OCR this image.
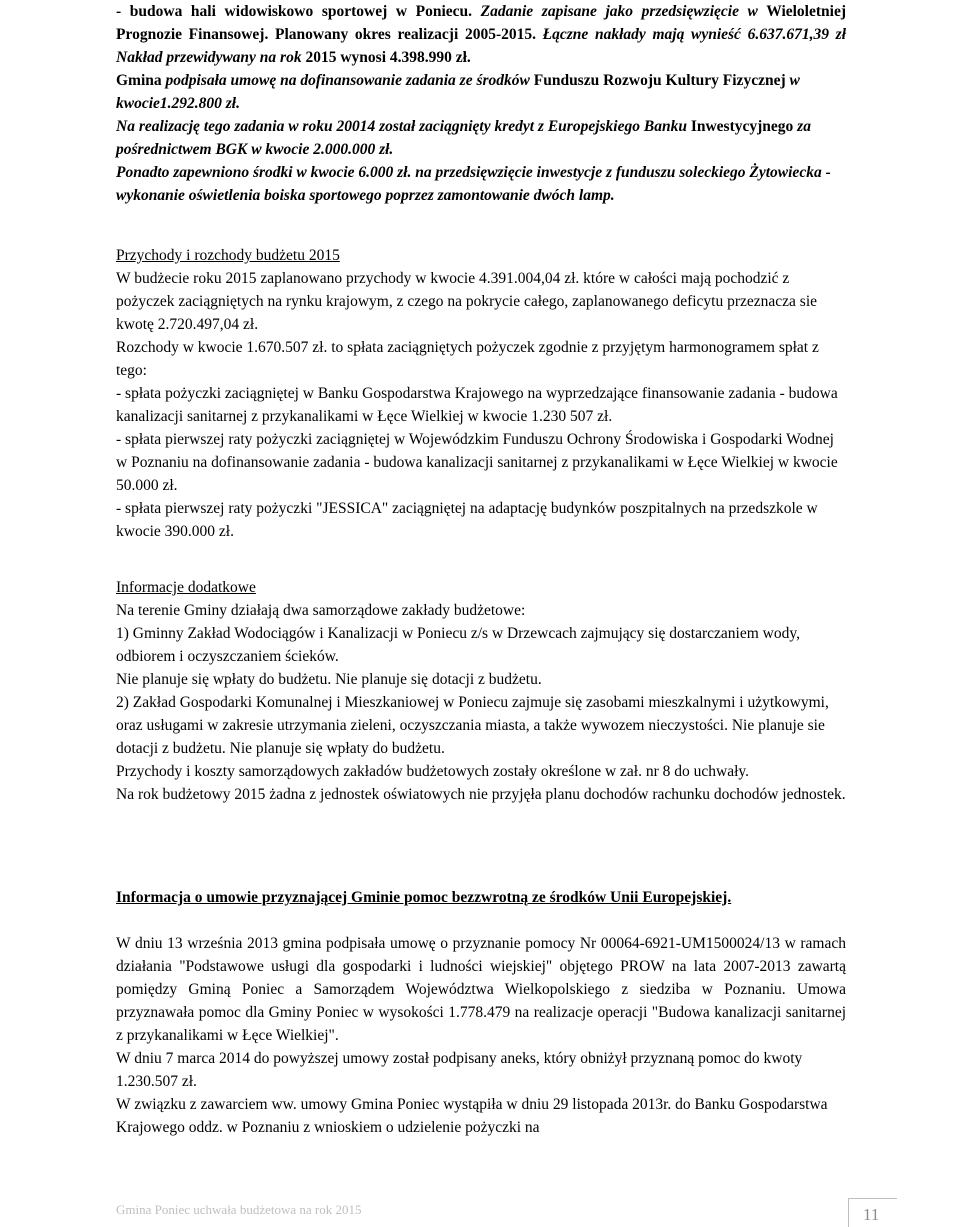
- budowa hali widowiskowo sportowej w Poniecu. Zadanie zapisane jako przedsięwzięcie w Wieloletniej Prognozie Finansowej. Planowany okres realizacji 2005-2015. Łączne nakłady mają wynieść 6.637.671,39 zł Nakład przewidywany na rok 2015 wynosi 4.398.990 zł.

Gmina podpisała umowę na dofinansowanie zadania ze środków Funduszu Rozwoju Kultury Fizycznej w kwocie1.292.800 zł.

Na realizację tego zadania w roku 20014 został zaciągnięty kredyt z Europejskiego Banku Inwestycyjnego za pośrednictwem BGK w kwocie 2.000.000 zł.

Ponadto zapewniono środki w kwocie 6.000 zł. na przedsięwzięcie inwestycje z funduszu soleckiego Żytowiecka - wykonanie oświetlenia boiska sportowego poprzez zamontowanie dwóch lamp.

Przychody i rozchody budżetu 2015

W budżecie roku 2015 zaplanowano przychody w kwocie 4.391.004,04 zł. które w całości mają pochodzić z pożyczek zaciągniętych na rynku krajowym, z czego na pokrycie całego, zaplanowanego deficytu przeznacza sie kwotę 2.720.497,04 zł.

Rozchody w kwocie 1.670.507 zł. to spłata zaciągniętych pożyczek zgodnie z przyjętym harmonogramem spłat z tego:

- spłata pożyczki zaciągniętej w Banku Gospodarstwa Krajowego na wyprzedzające finansowanie zadania - budowa kanalizacji sanitarnej z przykanalikami w Łęce Wielkiej w kwocie 1.230 507 zł.

- spłata pierwszej raty pożyczki zaciągniętej w Wojewódzkim Funduszu Ochrony Środowiska i Gospodarki Wodnej w Poznaniu na dofinansowanie zadania - budowa kanalizacji sanitarnej z przykanalikami w Łęce Wielkiej w kwocie 50.000 zł.

- spłata pierwszej raty pożyczki "JESSICA" zaciągniętej na adaptację budynków poszpitalnych na przedszkole w kwocie 390.000 zł.

Informacje dodatkowe

Na terenie Gminy działają dwa samorządowe zakłady budżetowe:

1) Gminny Zakład Wodociągów i Kanalizacji w Poniecu z/s w Drzewcach zajmujący się dostarczaniem wody, odbiorem i oczyszczaniem ścieków.

Nie planuje się wpłaty do budżetu. Nie planuje się dotacji z budżetu.

2) Zakład Gospodarki Komunalnej i Mieszkaniowej w Poniecu zajmuje się zasobami mieszkalnymi i użytkowymi, oraz usługami w zakresie utrzymania zieleni, oczyszczania miasta, a także wywozem nieczystości. Nie planuje sie dotacji z budżetu. Nie planuje się wpłaty do budżetu.

Przychody i koszty samorządowych zakładów budżetowych zostały określone w zał. nr 8 do uchwały.

Na rok budżetowy 2015 żadna z jednostek oświatowych nie przyjęła planu dochodów rachunku dochodów jednostek.

Informacja o umowie przyznającej Gminie pomoc bezzwrotną ze środków Unii Europejskiej.

W dniu 13 września 2013 gmina podpisała umowę o przyznanie pomocy Nr 00064-6921-UM1500024/13 w ramach działania "Podstawowe usługi dla gospodarki i ludności wiejskiej" objętego PROW na lata 2007-2013 zawartą pomiędzy Gminą Poniec a Samorządem Województwa Wielkopolskiego z siedziba w Poznaniu. Umowa przyznawała pomoc dla Gminy Poniec w wysokości 1.778.479 na realizacje operacji "Budowa kanalizacji sanitarnej z przykanalikami w Łęce Wielkiej".

W dniu 7 marca 2014 do powyższej umowy został podpisany aneks, który obniżył przyznaną pomoc do kwoty 1.230.507 zł.

W związku z zawarciem ww. umowy Gmina Poniec wystąpiła w dniu 29 listopada 2013r. do Banku Gospodarstwa Krajowego oddz. w Poznaniu z wnioskiem o udzielenie pożyczki na

Gmina Poniec uchwała budżetowa na rok 2015	11
